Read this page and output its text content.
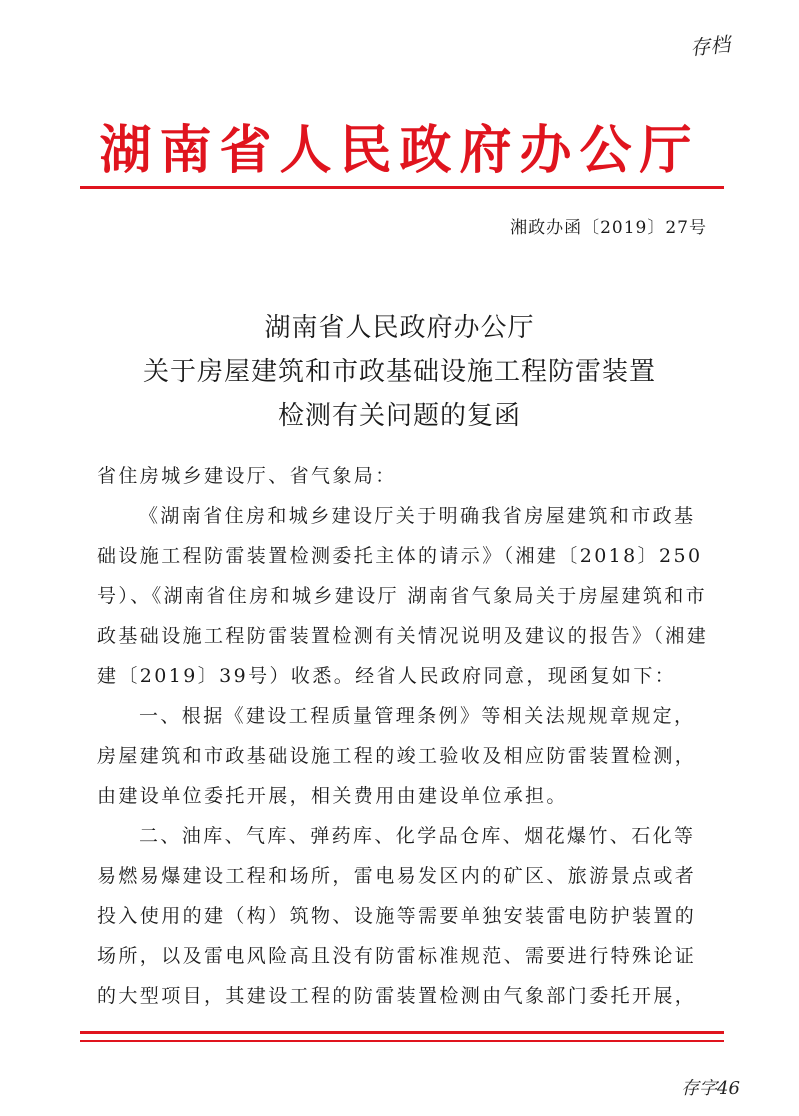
存档
湖南省人民政府办公厅
湘政办函〔2019〕27号
湖南省人民政府办公厅
关于房屋建筑和市政基础设施工程防雷装置
检测有关问题的复函
省住房城乡建设厅、省气象局：
《湖南省住房和城乡建设厅关于明确我省房屋建筑和市政基
础设施工程防雷装置检测委托主体的请示》（湘建〔2018〕250
号）、《湖南省住房和城乡建设厅 湖南省气象局关于房屋建筑和市
政基础设施工程防雷装置检测有关情况说明及建议的报告》（湘建
建〔2019〕39号）收悉。经省人民政府同意，现函复如下：
一、根据《建设工程质量管理条例》等相关法规规章规定，
房屋建筑和市政基础设施工程的竣工验收及相应防雷装置检测，
由建设单位委托开展，相关费用由建设单位承担。
二、油库、气库、弹药库、化学品仓库、烟花爆竹、石化等
易燃易爆建设工程和场所，雷电易发区内的矿区、旅游景点或者
投入使用的建（构）筑物、设施等需要单独安装雷电防护装置的
场所，以及雷电风险高且没有防雷标准规范、需要进行特殊论证
的大型项目，其建设工程的防雷装置检测由气象部门委托开展，
存字46
